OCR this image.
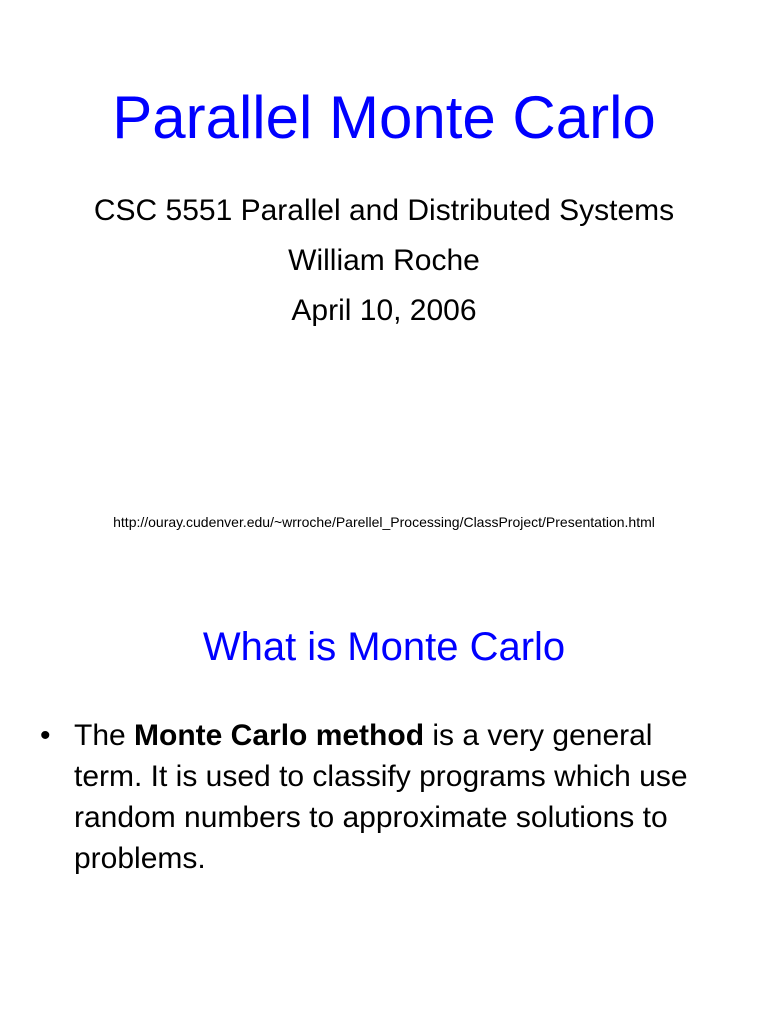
Parallel Monte Carlo

CSC 5551 Parallel and Distributed Systems

William Roche

April 10, 2006

http://ouray.cudenver.edu/~wrroche/Parellel_Processing/ClassProject/Presentation.html

What is Monte Carlo
• The Monte Carlo method is a very general term. It is used to classify programs which use random numbers to approximate solutions to problems.
